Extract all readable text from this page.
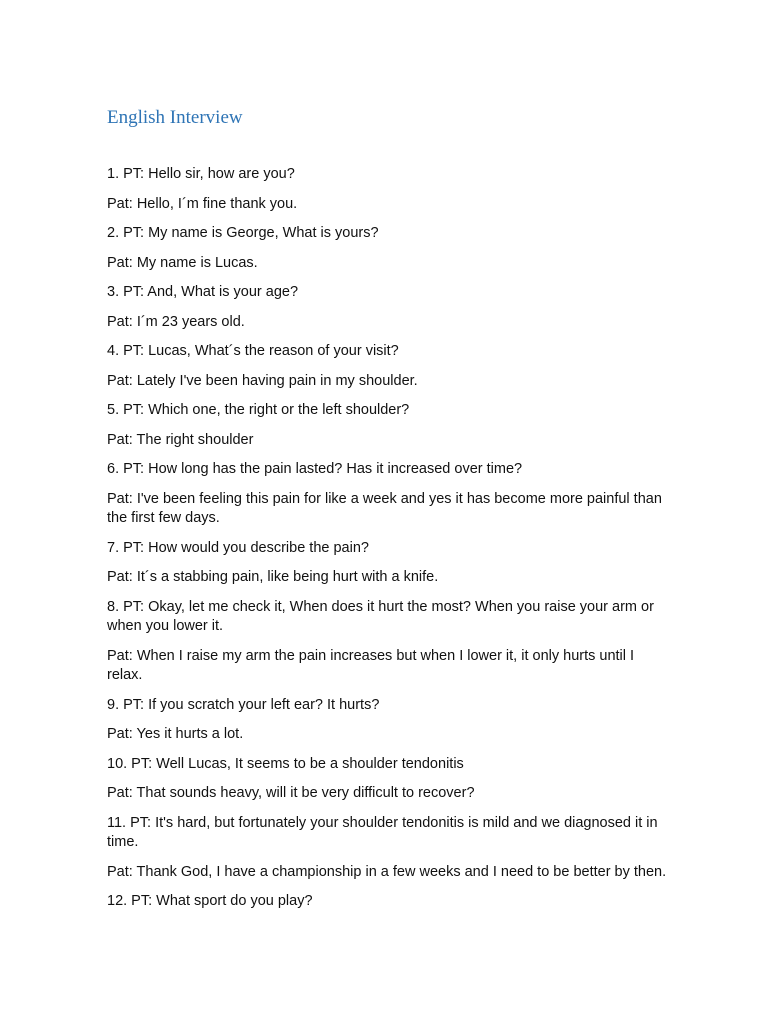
English Interview

1. PT: Hello sir, how are you?

Pat: Hello, I´m fine thank you.

2. PT: My name is George, What is yours?

Pat: My name is Lucas.

3. PT: And, What is your age?

Pat: I´m 23 years old.

4. PT: Lucas, What´s the reason of your visit?

Pat: Lately I've been having pain in my shoulder.

5. PT: Which one, the right or the left shoulder?

Pat: The right shoulder

6. PT: How long has the pain lasted? Has it increased over time?

Pat: I've been feeling this pain for like a week and yes it has become more painful than the first few days.

7. PT: How would you describe the pain?

Pat: It´s a stabbing pain, like being hurt with a knife.

8. PT: Okay, let me check it, When does it hurt the most? When you raise your arm or when you lower it.

Pat: When I raise my arm the pain increases but when I lower it, it only hurts until I relax.

9. PT: If you scratch your left ear? It hurts?

Pat: Yes it hurts a lot.

10. PT: Well Lucas, It seems to be a shoulder tendonitis

Pat: That sounds heavy, will it be very difficult to recover?

11. PT: It's hard, but fortunately your shoulder tendonitis is mild and we diagnosed it in time.

Pat: Thank God, I have a championship in a few weeks and I need to be better by then.

12. PT: What sport do you play?
